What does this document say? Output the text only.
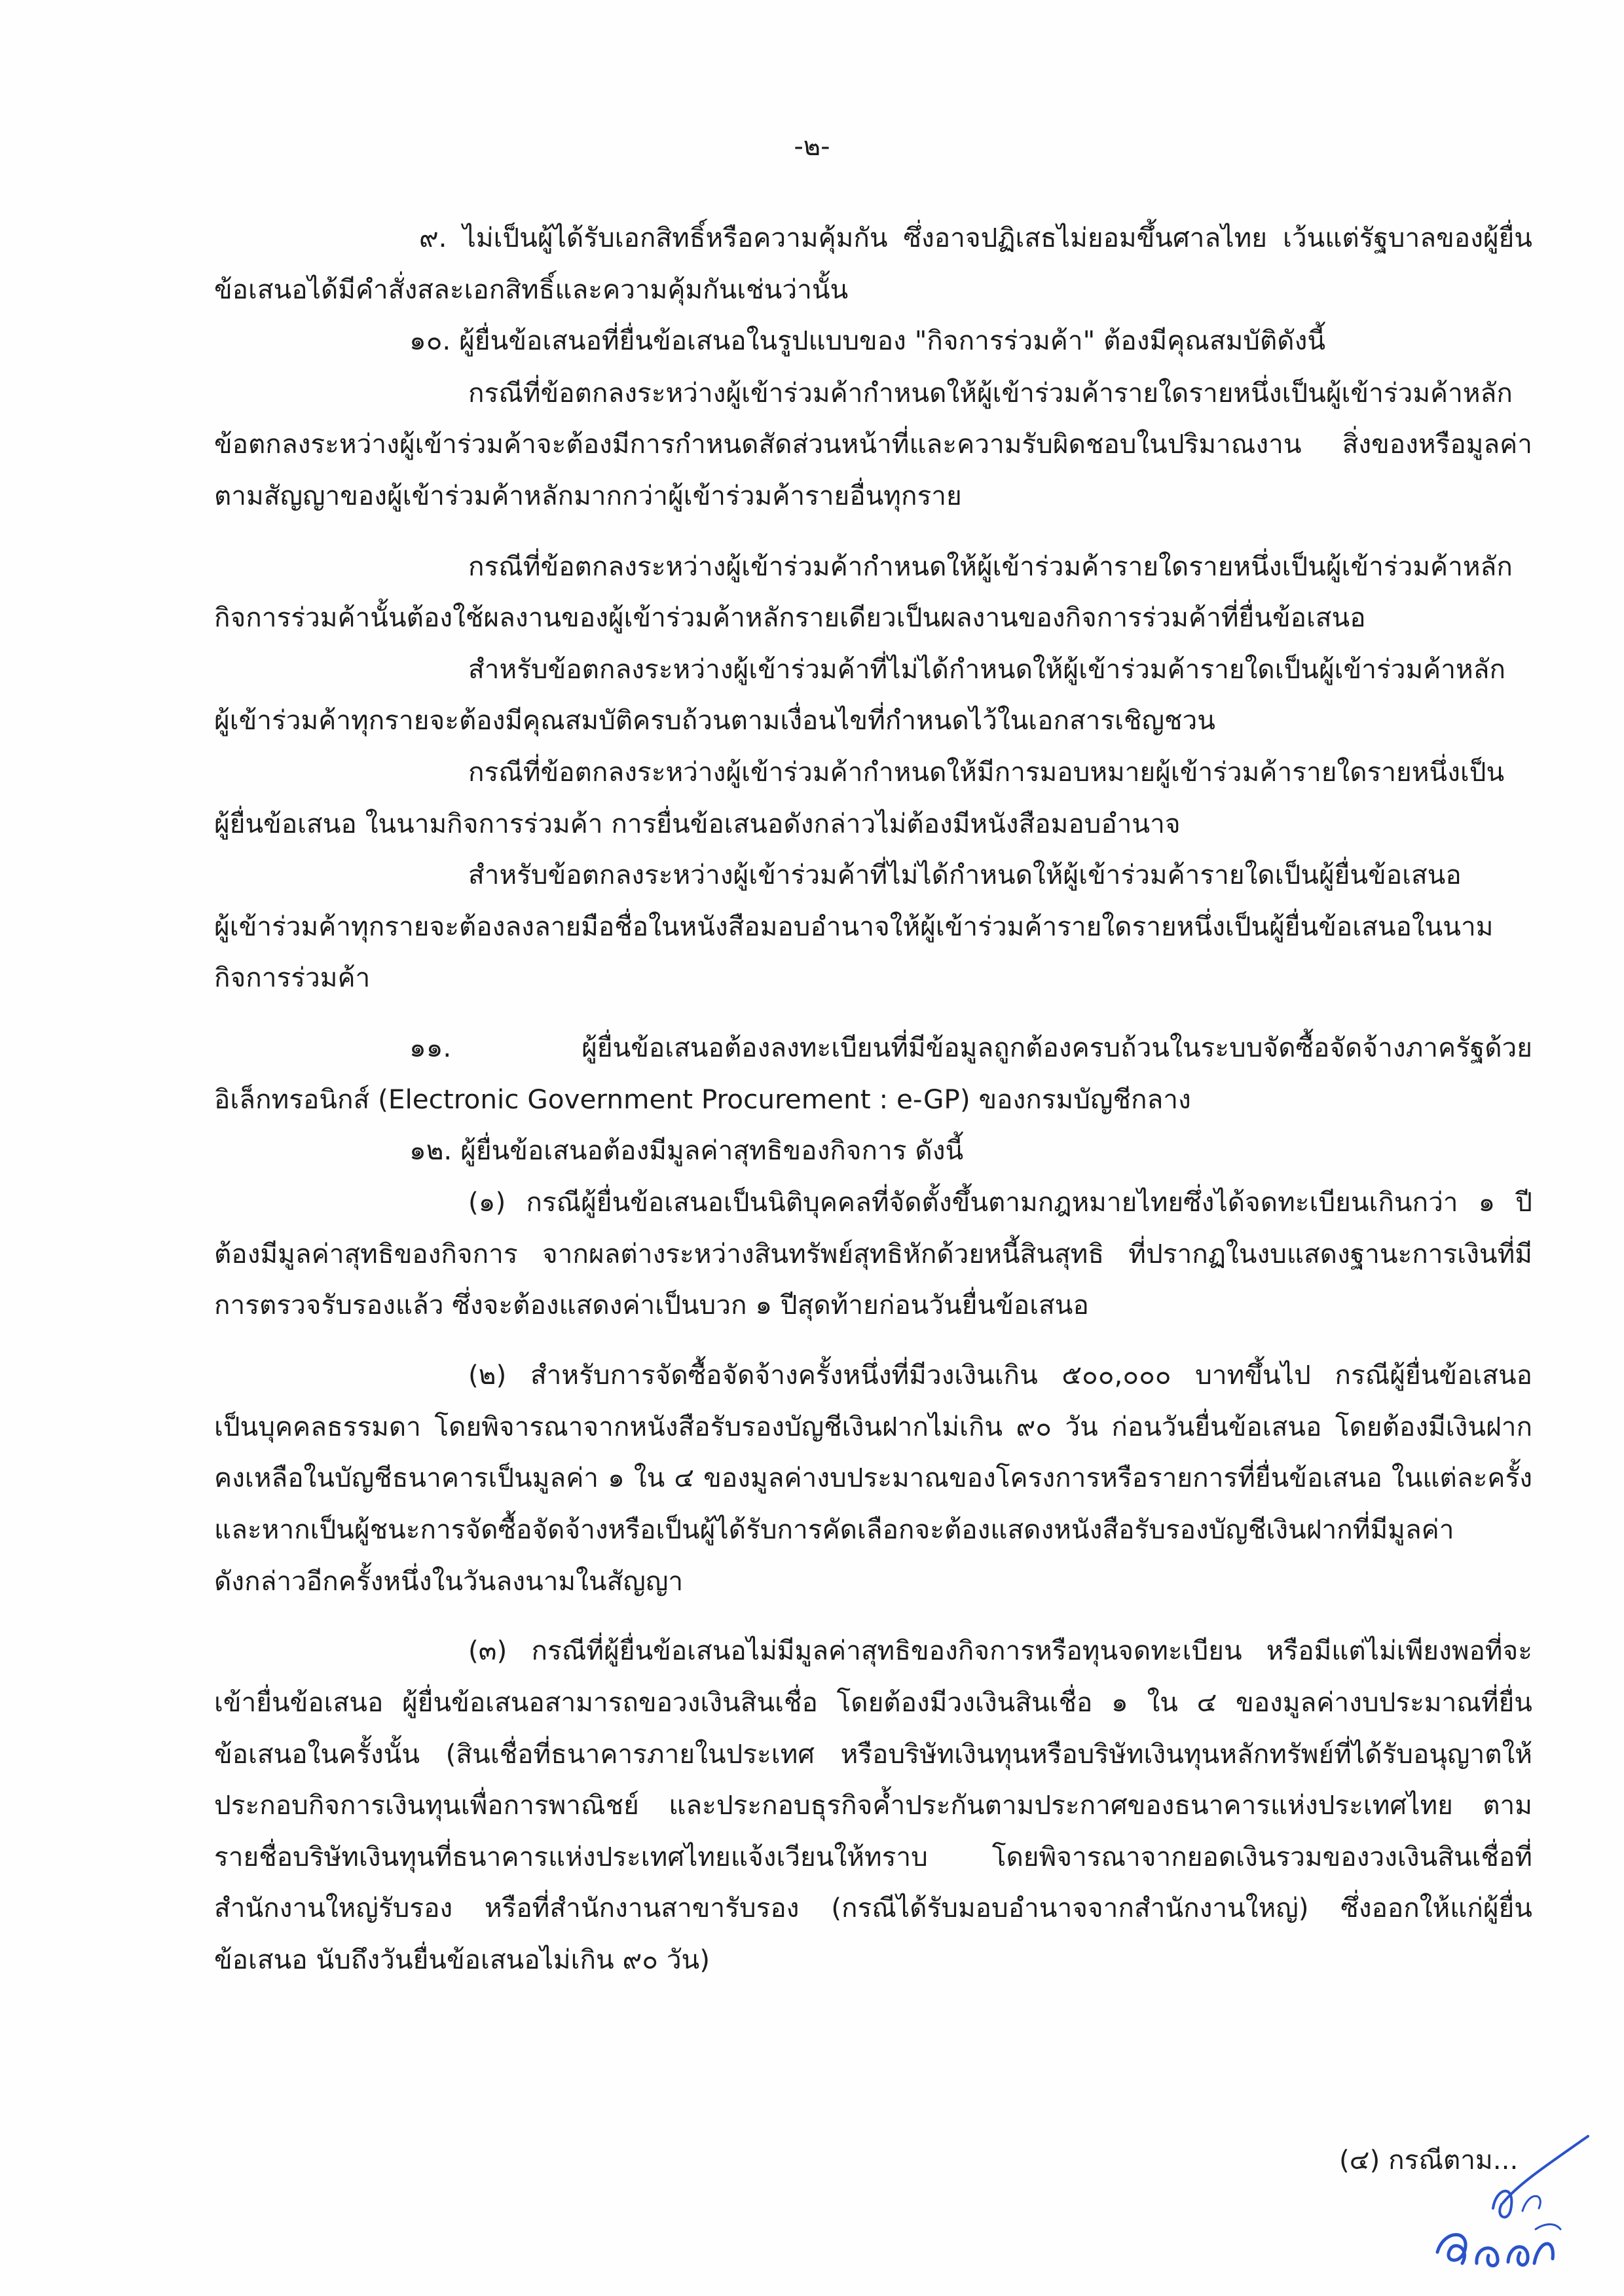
-๒-

๙. ไม่เป็นผู้ได้รับเอกสิทธิ์หรือความคุ้มกัน ซึ่งอาจปฏิเสธไม่ยอมขึ้นศาลไทย เว้นแต่รัฐบาลของผู้ยื่น

ข้อเสนอได้มีคำสั่งสละเอกสิทธิ์และความคุ้มกันเช่นว่านั้น

๑๐. ผู้ยื่นข้อเสนอที่ยื่นข้อเสนอในรูปแบบของ "กิจการร่วมค้า" ต้องมีคุณสมบัติดังนี้

กรณีที่ข้อตกลงระหว่างผู้เข้าร่วมค้ากำหนดให้ผู้เข้าร่วมค้ารายใดรายหนึ่งเป็นผู้เข้าร่วมค้าหลัก

ข้อตกลงระหว่างผู้เข้าร่วมค้าจะต้องมีการกำหนดสัดส่วนหน้าที่และความรับผิดชอบในปริมาณงาน สิ่งของหรือมูลค่า

ตามสัญญาของผู้เข้าร่วมค้าหลักมากกว่าผู้เข้าร่วมค้ารายอื่นทุกราย

กรณีที่ข้อตกลงระหว่างผู้เข้าร่วมค้ากำหนดให้ผู้เข้าร่วมค้ารายใดรายหนึ่งเป็นผู้เข้าร่วมค้าหลัก

กิจการร่วมค้านั้นต้องใช้ผลงานของผู้เข้าร่วมค้าหลักรายเดียวเป็นผลงานของกิจการร่วมค้าที่ยื่นข้อเสนอ

สำหรับข้อตกลงระหว่างผู้เข้าร่วมค้าที่ไม่ได้กำหนดให้ผู้เข้าร่วมค้ารายใดเป็นผู้เข้าร่วมค้าหลัก

ผู้เข้าร่วมค้าทุกรายจะต้องมีคุณสมบัติครบถ้วนตามเงื่อนไขที่กำหนดไว้ในเอกสารเชิญชวน

กรณีที่ข้อตกลงระหว่างผู้เข้าร่วมค้ากำหนดให้มีการมอบหมายผู้เข้าร่วมค้ารายใดรายหนึ่งเป็น

ผู้ยื่นข้อเสนอ ในนามกิจการร่วมค้า การยื่นข้อเสนอดังกล่าวไม่ต้องมีหนังสือมอบอำนาจ

สำหรับข้อตกลงระหว่างผู้เข้าร่วมค้าที่ไม่ได้กำหนดให้ผู้เข้าร่วมค้ารายใดเป็นผู้ยื่นข้อเสนอ

ผู้เข้าร่วมค้าทุกรายจะต้องลงลายมือชื่อในหนังสือมอบอำนาจให้ผู้เข้าร่วมค้ารายใดรายหนึ่งเป็นผู้ยื่นข้อเสนอในนาม

กิจการร่วมค้า

๑๑. ผู้ยื่นข้อเสนอต้องลงทะเบียนที่มีข้อมูลถูกต้องครบถ้วนในระบบจัดซื้อจัดจ้างภาครัฐด้วย

อิเล็กทรอนิกส์ (Electronic Government Procurement : e-GP) ของกรมบัญชีกลาง

๑๒. ผู้ยื่นข้อเสนอต้องมีมูลค่าสุทธิของกิจการ ดังนี้

(๑) กรณีผู้ยื่นข้อเสนอเป็นนิติบุคคลที่จัดตั้งขึ้นตามกฎหมายไทยซึ่งได้จดทะเบียนเกินกว่า ๑ ปี

ต้องมีมูลค่าสุทธิของกิจการ จากผลต่างระหว่างสินทรัพย์สุทธิหักด้วยหนี้สินสุทธิ ที่ปรากฏในงบแสดงฐานะการเงินที่มี

การตรวจรับรองแล้ว ซึ่งจะต้องแสดงค่าเป็นบวก ๑ ปีสุดท้ายก่อนวันยื่นข้อเสนอ

(๒) สำหรับการจัดซื้อจัดจ้างครั้งหนึ่งที่มีวงเงินเกิน ๕๐๐,๐๐๐ บาทขึ้นไป กรณีผู้ยื่นข้อเสนอ

เป็นบุคคลธรรมดา โดยพิจารณาจากหนังสือรับรองบัญชีเงินฝากไม่เกิน ๙๐ วัน ก่อนวันยื่นข้อเสนอ โดยต้องมีเงินฝาก

คงเหลือในบัญชีธนาคารเป็นมูลค่า ๑ ใน ๔ ของมูลค่างบประมาณของโครงการหรือรายการที่ยื่นข้อเสนอ ในแต่ละครั้ง

และหากเป็นผู้ชนะการจัดซื้อจัดจ้างหรือเป็นผู้ได้รับการคัดเลือกจะต้องแสดงหนังสือรับรองบัญชีเงินฝากที่มีมูลค่า

ดังกล่าวอีกครั้งหนึ่งในวันลงนามในสัญญา

(๓) กรณีที่ผู้ยื่นข้อเสนอไม่มีมูลค่าสุทธิของกิจการหรือทุนจดทะเบียน หรือมีแต่ไม่เพียงพอที่จะ

เข้ายื่นข้อเสนอ ผู้ยื่นข้อเสนอสามารถขอวงเงินสินเชื่อ โดยต้องมีวงเงินสินเชื่อ ๑ ใน ๔ ของมูลค่างบประมาณที่ยื่น

ข้อเสนอในครั้งนั้น (สินเชื่อที่ธนาคารภายในประเทศ หรือบริษัทเงินทุนหรือบริษัทเงินทุนหลักทรัพย์ที่ได้รับอนุญาตให้

ประกอบกิจการเงินทุนเพื่อการพาณิชย์ และประกอบธุรกิจค้ำประกันตามประกาศของธนาคารแห่งประเทศไทย ตาม

รายชื่อบริษัทเงินทุนที่ธนาคารแห่งประเทศไทยแจ้งเวียนให้ทราบ โดยพิจารณาจากยอดเงินรวมของวงเงินสินเชื่อที่

สำนักงานใหญ่รับรอง หรือที่สำนักงานสาขารับรอง (กรณีได้รับมอบอำนาจจากสำนักงานใหญ่) ซึ่งออกให้แก่ผู้ยื่น

ข้อเสนอ นับถึงวันยื่นข้อเสนอไม่เกิน ๙๐ วัน)

(๔) กรณีตาม...
